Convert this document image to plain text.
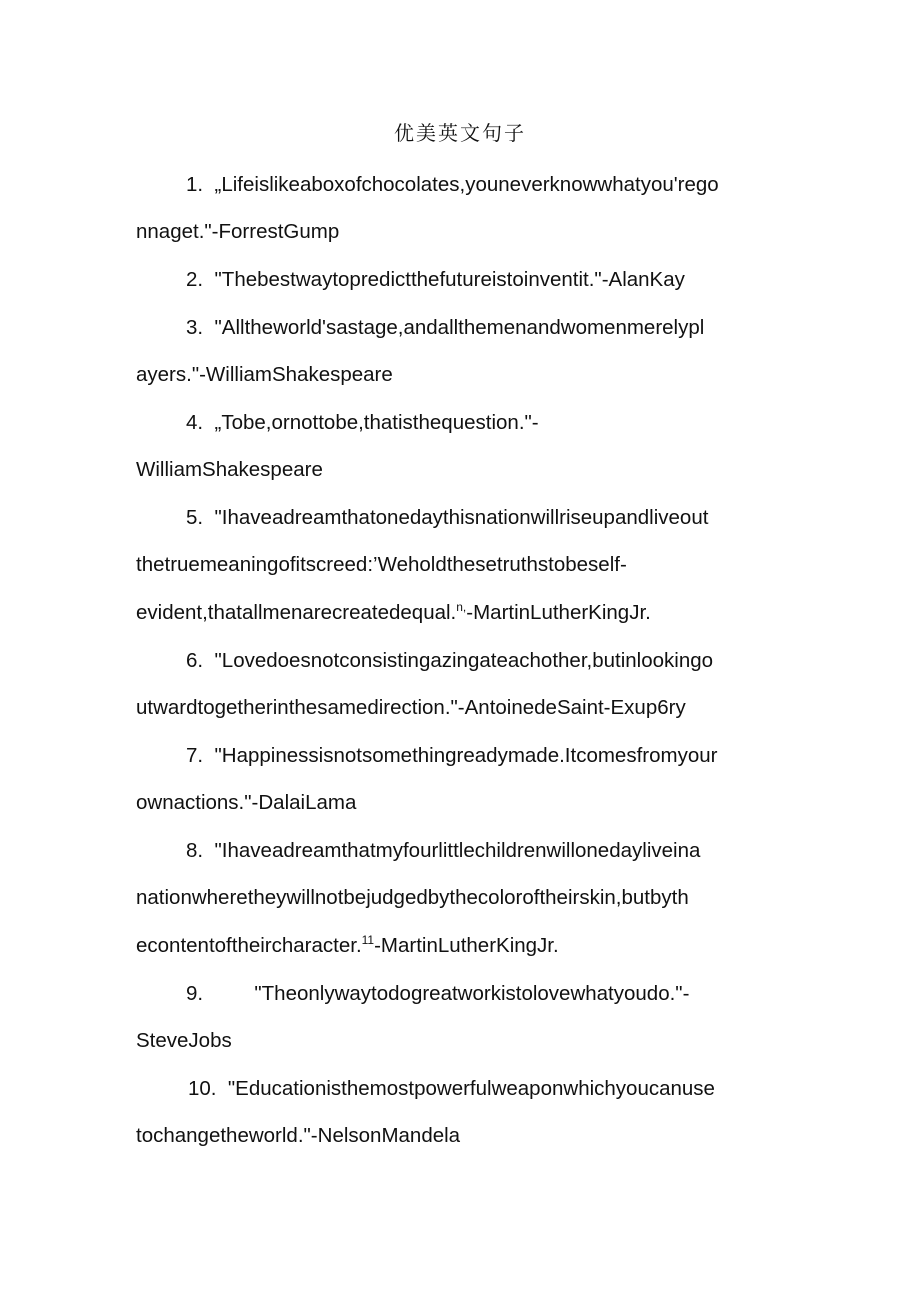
优美英文句子
1. „Lifeislikeaboxofchocolates,youneverknowwhatyou'rego
nnaget."-ForrestGump
2. "Thebestwaytopredictthefutureistoinventit."-AlanKay
3. "Alltheworld'sastage,andallthemenandwomenmerelypl
ayers."-WilliamShakespeare
4. „Tobe,ornottobe,thatisthequestion."-
WilliamShakespeare
5. "Ihaveadreamthatonedaythisnationwillriseupandliveout
thetruemeaningofitscreed:’Weholdthesetruthstobeself-
evident,thatallmenarecreatedequal.$^{n,}$-MartinLutherKingJr.
6. "Lovedoesnotconsistingazingateachother,butinlookingo
utwardtogetherinthesamedirection."-AntoinedeSaint-Exup6ry
7. "Happinessisnotsomethingreadymade.Itcomesfromyour
ownactions."-DalaiLama
8. "Ihaveadreamthatmyfourlittlechildrenwillonedayliveina
nationwheretheywillnotbejudgedbythecoloroftheirskin,butbyth
econtentoftheircharacter.$^{11}$-MartinLutherKingJr.
9.	"Theonlywaytodogreatworkistolovewhatyoudo."-
SteveJobs
10. "Educationisthemostpowerfulweaponwhichyoucanuse
tochangetheworld."-NelsonMandela
